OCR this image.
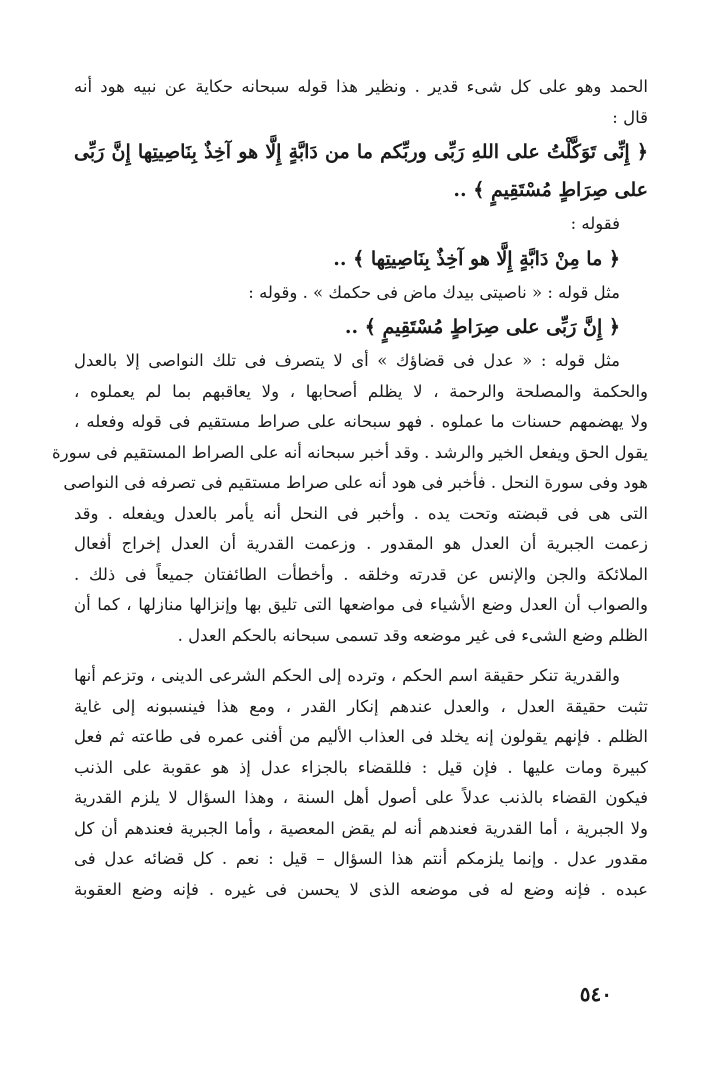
الحمد وهو على كل شىء قدير . ونظير هذا قوله سبحانه حكاية عن نبيه هود أنه
قال :
﴿ إِنِّى تَوَكَّلْتُ على اللهِ رَبِّى وربِّكم ما من دَابَّةٍ إِلَّا هو آخِذٌ بِنَاصِيتِها إِنَّ رَبِّى
على صِرَاطٍ مُسْتَقِيمٍ ﴾ ..
فقوله :
﴿ ما مِنْ دَابَّةٍ إِلَّا هو آخِذٌ بِنَاصِيتِها ﴾ ..
مثل قوله : « ناصيتى بيدك ماض فى حكمك » . وقوله :
﴿ إِنَّ رَبِّى على صِرَاطٍ مُسْتَقِيمٍ ﴾ ..
مثل قوله : « عدل فى قضاؤك » أى لا يتصرف فى تلك النواصى إلا بالعدل
والحكمة والمصلحة والرحمة ، لا يظلم أصحابها ، ولا يعاقبهم بما لم يعملوه ،
ولا يهضمهم حسنات ما عملوه . فهو سبحانه على صراط مستقيم فى قوله وفعله ،
يقول الحق ويفعل الخير والرشد . وقد أخبر سبحانه أنه على الصراط المستقيم فى سورة
هود وفى سورة النحل . فأخبر فى هود أنه على صراط مستقيم فى تصرفه فى النواصى
التى هى فى قبضته وتحت يده . وأخبر فى النحل أنه يأمر بالعدل ويفعله . وقد
زعمت الجبرية أن العدل هو المقدور . وزعمت القدرية أن العدل إخراج أفعال
الملائكة والجن والإنس عن قدرته وخلقه . وأخطأت الطائفتان جميعاً فى ذلك .
والصواب أن العدل وضع الأشياء فى مواضعها التى تليق بها وإنزالها منازلها ، كما أن
الظلم وضع الشىء فى غير موضعه وقد تسمى سبحانه بالحكم العدل .
والقدرية تنكر حقيقة اسم الحكم ، وترده إلى الحكم الشرعى الدينى ، وتزعم أنها
تثبت حقيقة العدل ، والعدل عندهم إنكار القدر ، ومع هذا فينسبونه إلى غاية
الظلم . فإنهم يقولون إنه يخلد فى العذاب الأليم من أفنى عمره فى طاعته ثم فعل
كبيرة ومات عليها . فإن قيل : فللقضاء بالجزاء عدل إذ هو عقوبة على الذنب
فيكون القضاء بالذنب عدلاً على أصول أهل السنة ، وهذا السؤال لا يلزم القدرية
ولا الجبرية ، أما القدرية فعندهم أنه لم يقض المعصية ، وأما الجبرية فعندهم أن كل
مقدور عدل . وإنما يلزمكم أنتم هذا السؤال – قيل : نعم . كل قضائه عدل فى
عبده . فإنه وضع له فى موضعه الذى لا يحسن فى غيره . فإنه وضع العقوبة
٥٤٠
